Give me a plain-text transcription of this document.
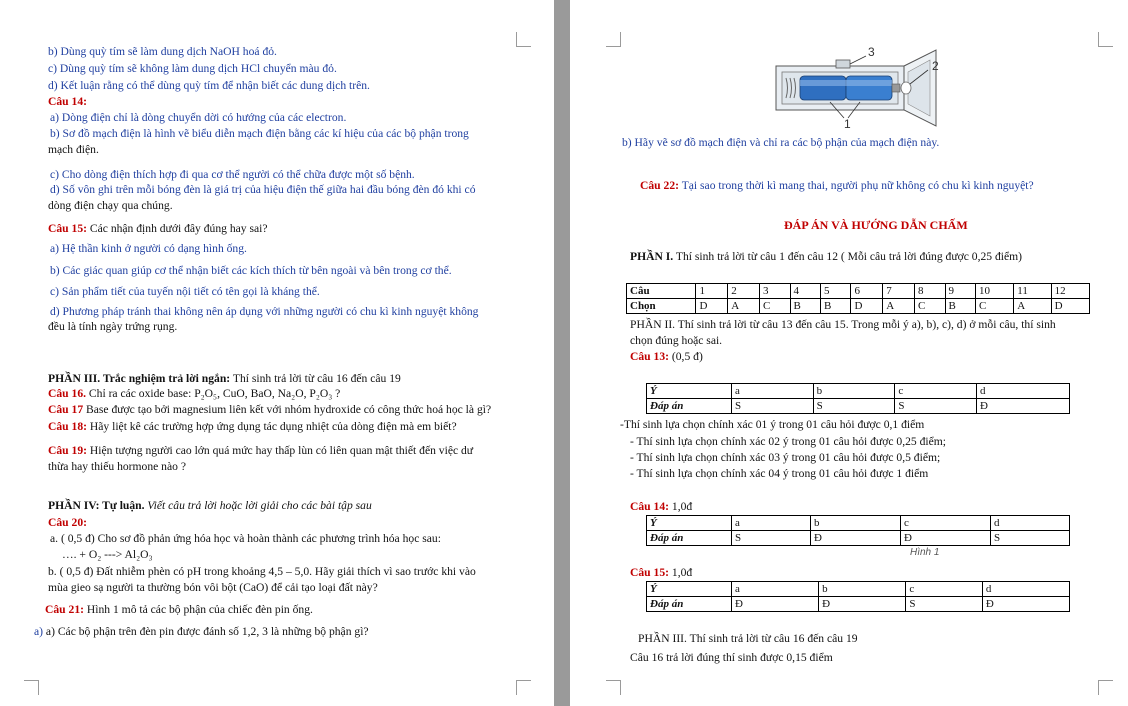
b) Dùng quỳ tím sẽ làm dung dịch NaOH hoá đỏ.
c) Dùng quỳ tím sẽ không làm dung dịch HCl chuyển màu đỏ.
d) Kết luận rằng có thể dùng quỳ tím để nhận biết các dung dịch trên.
Câu 14:
a) Dòng điện chỉ là dòng chuyển dời có hướng của các electron.
b) Sơ đồ mạch điện là hình vẽ biểu diễn mạch điện bằng các kí hiệu của các bộ phận trong
mạch điện.
c) Cho dòng điện thích hợp đi qua cơ thể người có thể chữa được một số bệnh.
d) Số vôn ghi trên mỗi bóng đèn là giá trị của hiệu điện thế giữa hai đầu bóng đèn đó khi có
dòng điện chạy qua chúng.
Câu 15: Các nhận định dưới đây đúng hay sai?
a) Hệ thần kinh ở người có dạng hình ống.
b) Các giác quan giúp cơ thể nhận biết các kích thích từ bên ngoài và bên trong cơ thể.
c) Sản phẩm tiết của tuyến nội tiết có tên gọi là kháng thể.
d) Phương pháp tránh thai không nên áp dụng với những người có chu kì kinh nguyệt không
đều là tính ngày trứng rụng.
PHẦN III. Trắc nghiệm trả lời ngắn: Thí sinh trả lời từ câu 16 đến câu 19
Câu 16. Chỉ ra các oxide base: P₂O₅, CuO, BaO, Na₂O, P₂O₃ ?
Câu 17 Base được tạo bởi magnesium liên kết với nhóm hydroxide có công thức hoá học là gì?
Câu 18: Hãy liệt kê các trường hợp ứng dụng tác dụng nhiệt của dòng điện mà em biết?
Câu 19: Hiện tượng người cao lớn quá mức hay thấp lùn có liên quan mật thiết đến việc dư
thừa hay thiếu hormone nào ?
PHẦN IV: Tự luận. Viết câu trả lời hoặc lời giải cho các bài tập sau
Câu 20:
a. ( 0,5 đ) Cho sơ đồ phản ứng hóa học và hoàn thành các phương trình hóa học sau:
…. + O₂ ---> Al₂O₃
b. ( 0,5 đ) Đất nhiễm phèn có pH trong khoảng 4,5 – 5,0. Hãy giải thích vì sao trước khi vào
mùa gieo sạ người ta thường bón vôi bột (CaO) để cải tạo loại đất này?
Câu 21: Hình 1 mô tả các bộ phận của chiếc đèn pin ống.
a) a) Các bộ phận trên đèn pin được đánh số 1,2, 3 là những bộ phận gì?
3
2
1
b) Hãy vẽ sơ đồ mạch điện và chỉ ra các bộ phận của mạch điện này.
Câu 22: Tại sao trong thời kì mang thai, người phụ nữ không có chu kì kinh nguyệt?
ĐÁP ÁN VÀ HƯỚNG DẪN CHẤM
PHẦN I. Thí sinh trả lời từ câu 1 đến câu 12 ( Mỗi câu trả lời đúng được 0,25 điểm)
Câu	1	2	3	4	5	6	7	8	9	10	11	12
Chọn	D	A	C	B	B	D	A	C	B	C	A	D
PHẦN II. Thí sinh trả lời từ câu 13 đến câu 15. Trong mỗi ý a), b), c), d) ở mỗi câu, thí sinh
chọn đúng hoặc sai.
Câu 13: (0,5 đ)
Ý	a	b	c	d
Đáp án	S	S	S	Đ
-Thí sinh lựa chọn chính xác 01 ý trong 01 câu hỏi được 0,1 điểm
- Thí sinh lựa chọn chính xác 02 ý trong 01 câu hỏi được 0,25 điểm;
- Thí sinh lựa chọn chính xác 03 ý trong 01 câu hỏi được 0,5 điểm;
- Thí sinh lựa chọn chính xác 04 ý trong 01 câu hỏi được 1 điểm
Câu 14: 1,0đ
Ý	a	b	c	d
Đáp án	S	Đ	Đ	S
Hình 1
Câu 15: 1,0đ
Ý	a	b	c	d
Đáp án	Đ	Đ	S	Đ
PHẦN III. Thí sinh trả lời từ câu 16 đến câu 19
Câu 16 trả lời đúng thí sinh được 0,15 điểm
